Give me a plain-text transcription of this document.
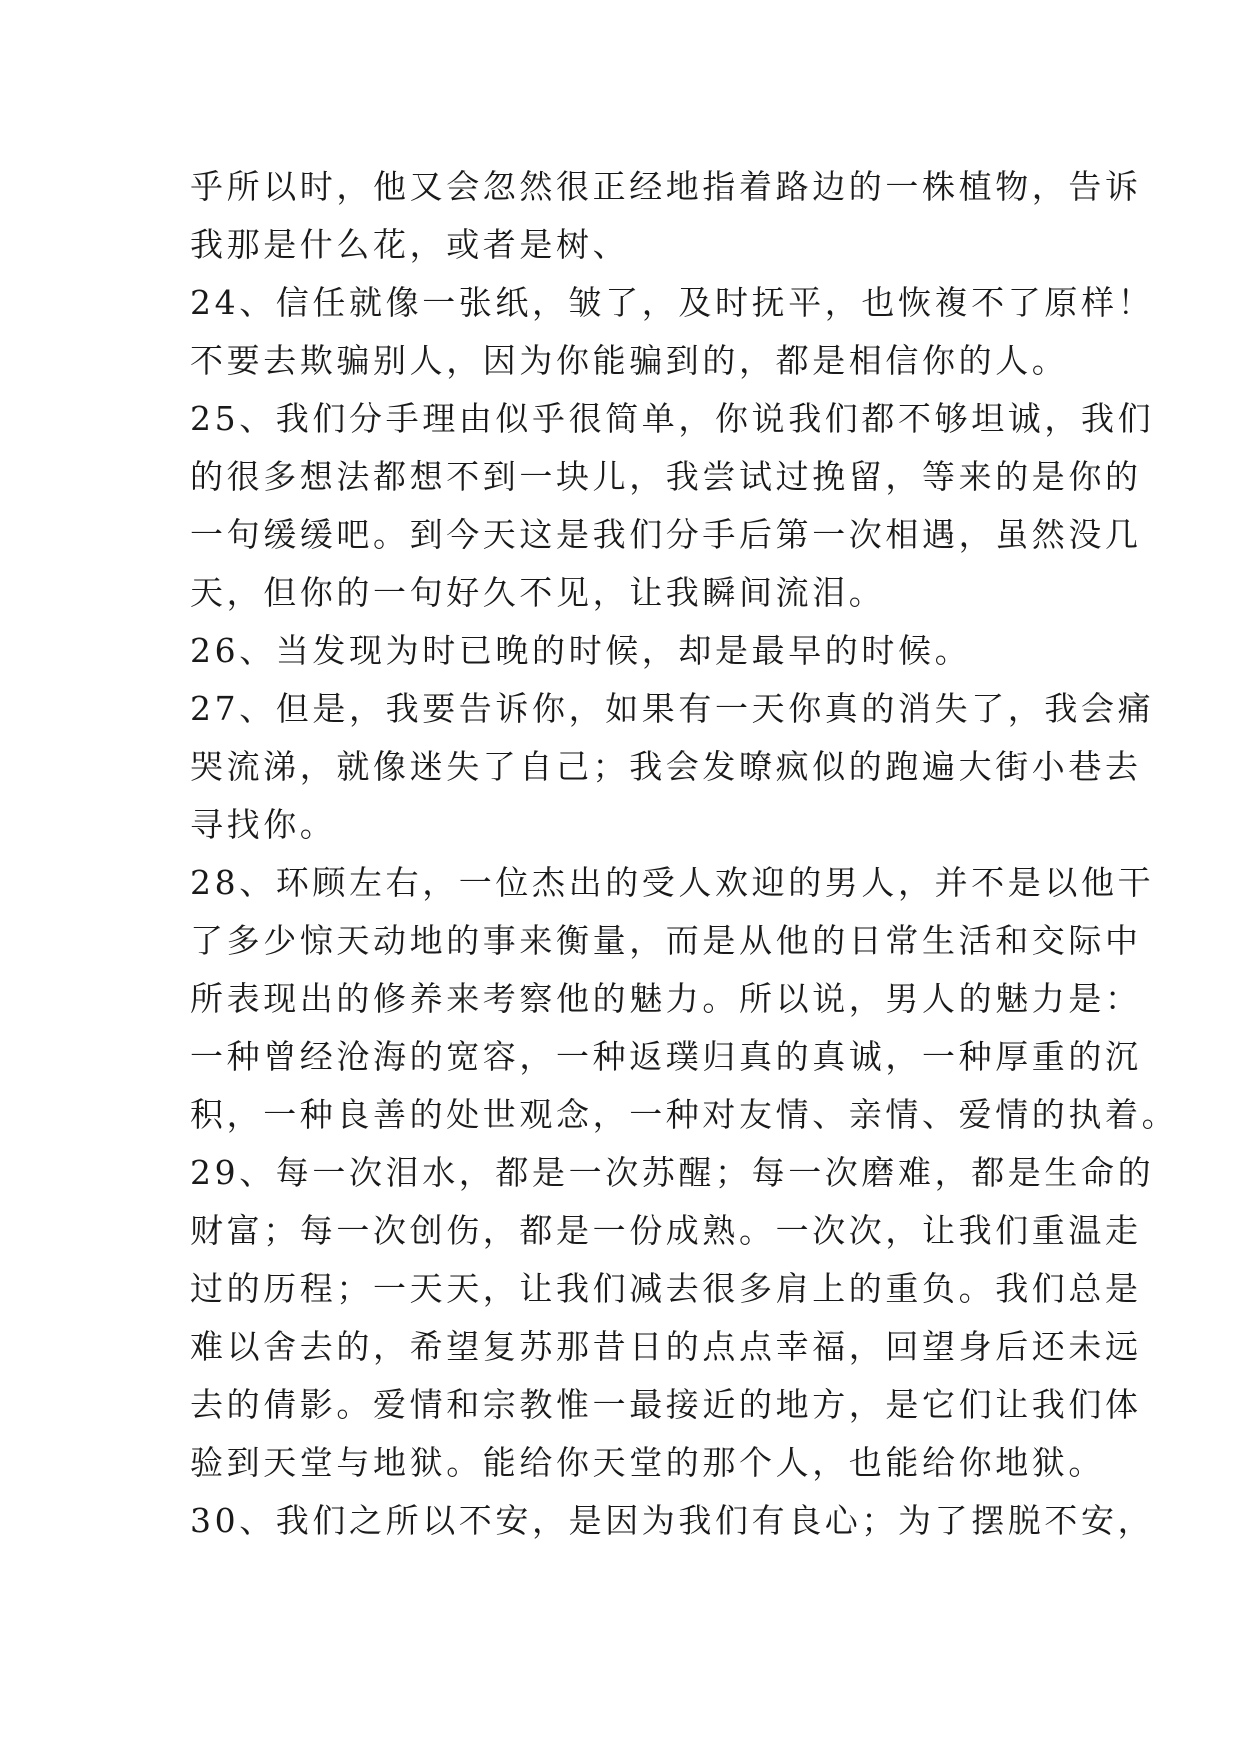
乎所以时，他又会忽然很正经地指着路边的一株植物，告诉
我那是什么花，或者是树、
24、信任就像一张纸，皱了，及时抚平，也恢複不了原样！
不要去欺骗别人，因为你能骗到的，都是相信你的人。
25、我们分手理由似乎很简单，你说我们都不够坦诚，我们
的很多想法都想不到一块儿，我尝试过挽留，等来的是你的
一句缓缓吧。到今天这是我们分手后第一次相遇，虽然没几
天，但你的一句好久不见，让我瞬间流泪。
26、当发现为时已晚的时候，却是最早的时候。
27、但是，我要告诉你，如果有一天你真的消失了，我会痛
哭流涕，就像迷失了自己；我会发暸疯似的跑遍大街小巷去
寻找你。
28、环顾左右，一位杰出的受人欢迎的男人，并不是以他干
了多少惊天动地的事来衡量，而是从他的日常生活和交际中
所表现出的修养来考察他的魅力。所以说，男人的魅力是：
一种曾经沧海的宽容，一种返璞归真的真诚，一种厚重的沉
积，一种良善的处世观念，一种对友情、亲情、爱情的执着。
29、每一次泪水，都是一次苏醒；每一次磨难，都是生命的
财富；每一次创伤，都是一份成熟。一次次，让我们重温走
过的历程；一天天，让我们减去很多肩上的重负。我们总是
难以舍去的，希望复苏那昔日的点点幸福，回望身后还未远
去的倩影。爱情和宗教惟一最接近的地方，是它们让我们体
验到天堂与地狱。能给你天堂的那个人，也能给你地狱。
30、我们之所以不安，是因为我们有良心；为了摆脱不安，
